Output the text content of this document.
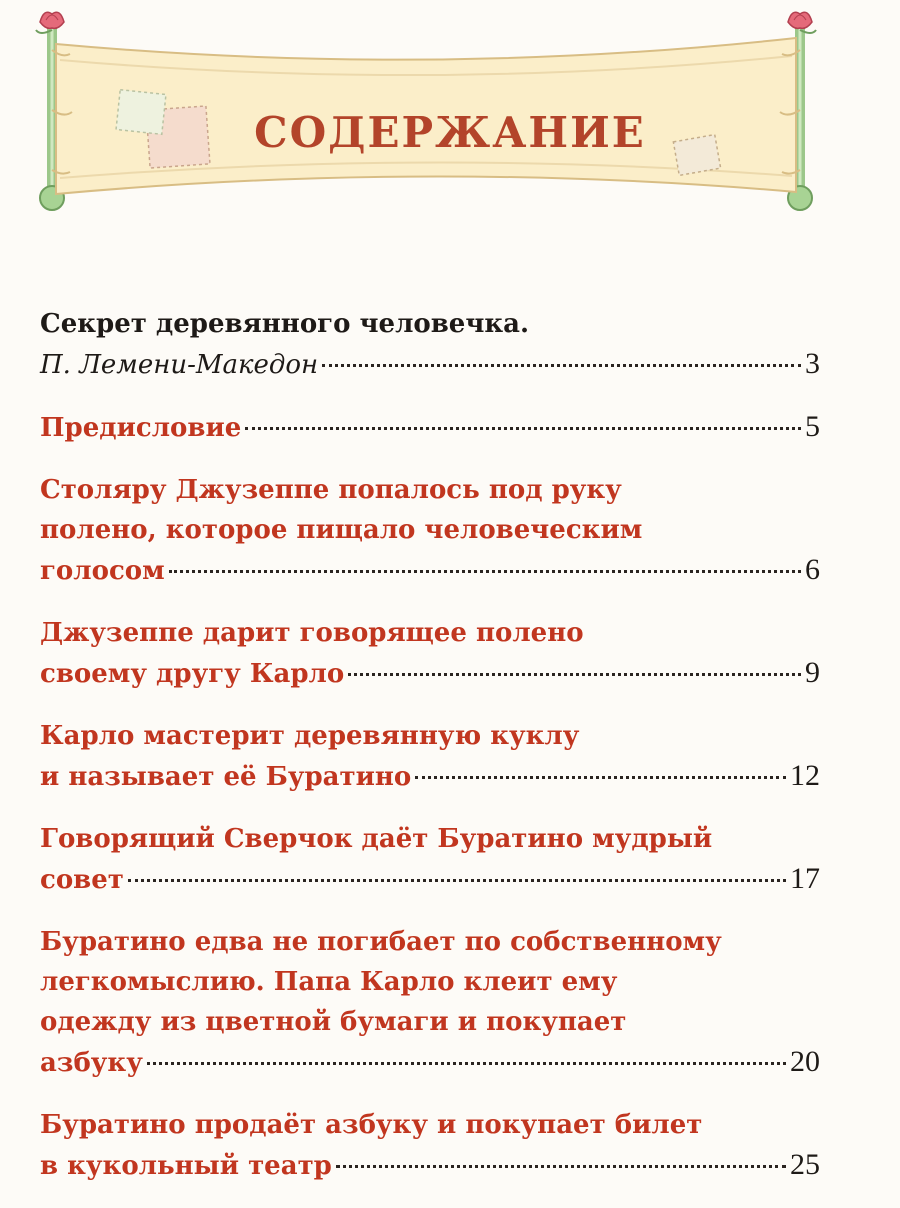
СОДЕРЖАНИЕ
Секрет деревянного человечка.
П. Лемени-Македон	3
Предисловие	5
Столяру Джузеппе попалось под руку
полено, которое пищало человеческим
голосом	6
Джузеппе дарит говорящее полено
своему другу Карло	9
Карло мастерит деревянную куклу
и называет её Буратино	12
Говорящий Сверчок даёт Буратино мудрый
совет	17
Буратино едва не погибает по собственному
легкомыслию. Папа Карло клеит ему
одежду из цветной бумаги и покупает
азбуку	20
Буратино продаёт азбуку и покупает билет
в кукольный театр	25
